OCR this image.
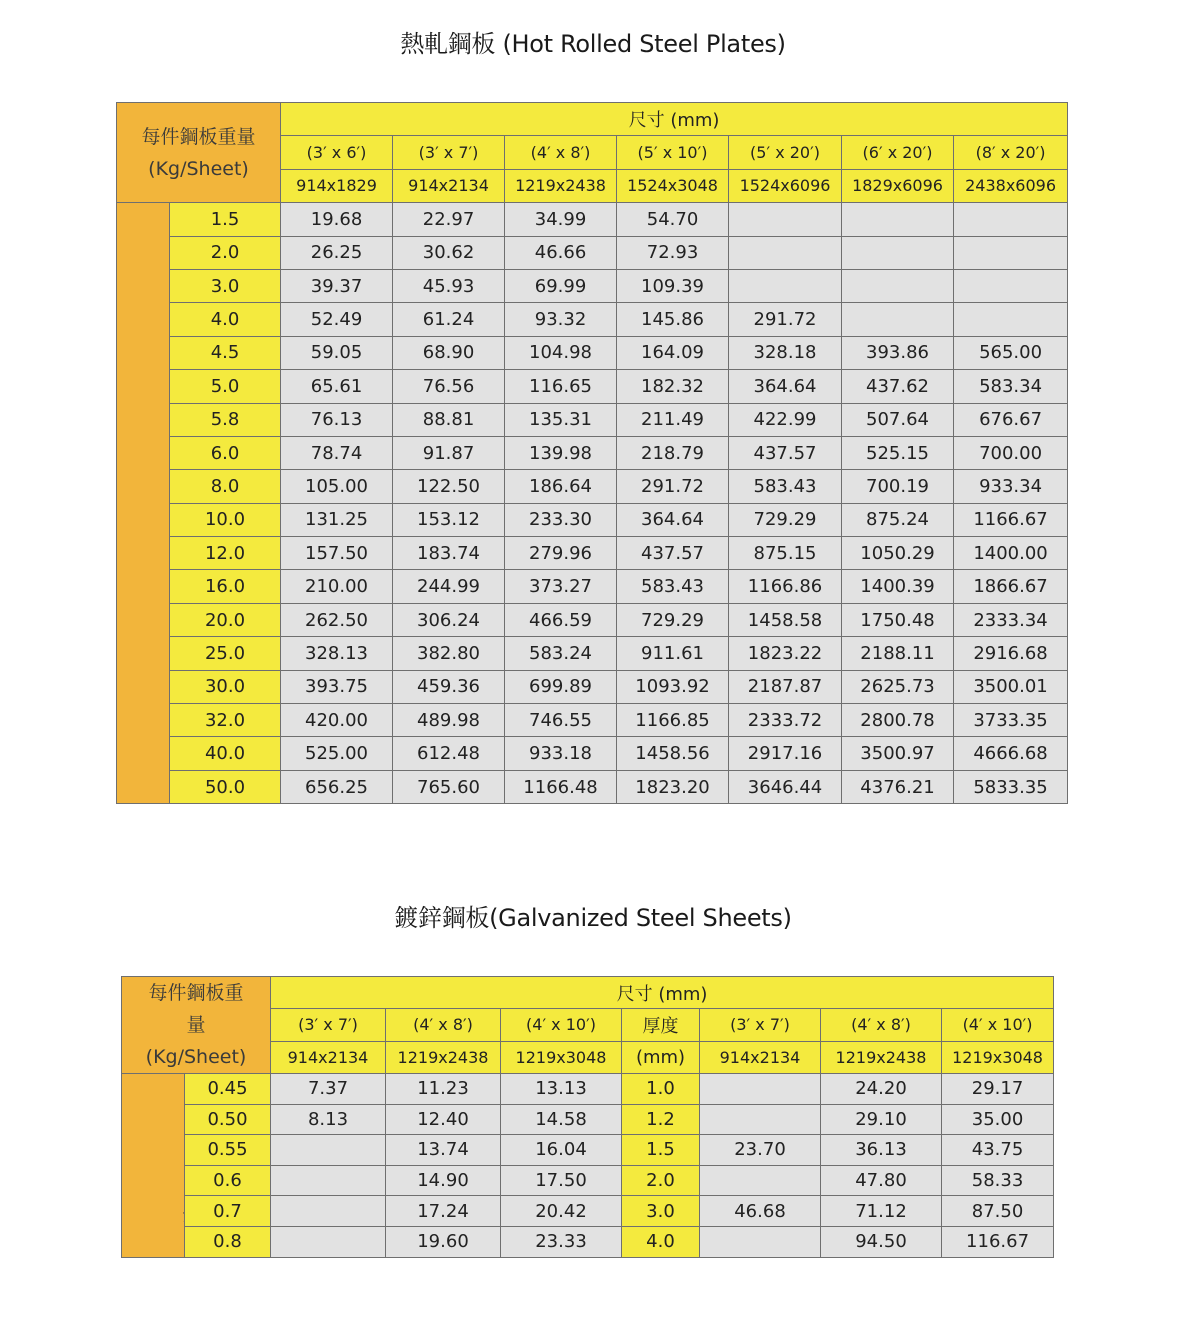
熱軋鋼板 (Hot Rolled Steel Plates)
每件鋼板重量
(Kg/Sheet)		尺寸 (mm)						
		(3′ x 6′)	(3′ x 7′)	(4′ x 8′)	(5′ x 10′)	(5′ x 20′)	(6′ x 20′)	(8′ x 20′)
		914x1829	914x2134	1219x2438	1524x3048	1524x6096	1829x6096	2438x6096
	1.5	19.68	22.97	34.99	54.70			
	2.0	26.25	30.62	46.66	72.93			
	3.0	39.37	45.93	69.99	109.39			
	4.0	52.49	61.24	93.32	145.86	291.72		
	4.5	59.05	68.90	104.98	164.09	328.18	393.86	565.00
	5.0	65.61	76.56	116.65	182.32	364.64	437.62	583.34
	5.8	76.13	88.81	135.31	211.49	422.99	507.64	676.67
	6.0	78.74	91.87	139.98	218.79	437.57	525.15	700.00
	8.0	105.00	122.50	186.64	291.72	583.43	700.19	933.34
	10.0	131.25	153.12	233.30	364.64	729.29	875.24	1166.67
	12.0	157.50	183.74	279.96	437.57	875.15	1050.29	1400.00
	16.0	210.00	244.99	373.27	583.43	1166.86	1400.39	1866.67
	20.0	262.50	306.24	466.59	729.29	1458.58	1750.48	2333.34
	25.0	328.13	382.80	583.24	911.61	1823.22	2188.11	2916.68
	30.0	393.75	459.36	699.89	1093.92	2187.87	2625.73	3500.01
	32.0	420.00	489.98	746.55	1166.85	2333.72	2800.78	3733.35
	40.0	525.00	612.48	933.18	1458.56	2917.16	3500.97	4666.68
	50.0	656.25	765.60	1166.48	1823.20	3646.44	4376.21	5833.35
鍍鋅鋼板(Galvanized Steel Sheets)
每件鋼板重
量
(Kg/Sheet)		尺寸 (mm)						
		(3′ x 7′)	(4′ x 8′)	(4′ x 10′)	厚度	(3′ x 7′)	(4′ x 8′)	(4′ x 10′)
		914x2134	1219x2438	1219x3048	(mm)	914x2134	1219x2438	1219x3048
	0.45	7.37	11.23	13.13	1.0		24.20	29.17
	0.50	8.13	12.40	14.58	1.2		29.10	35.00
	0.55		13.74	16.04	1.5	23.70	36.13	43.75
	0.6		14.90	17.50	2.0		47.80	58.33
	0.7		17.24	20.42	3.0	46.68	71.12	87.50
	0.8		19.60	23.33	4.0		94.50	116.67
